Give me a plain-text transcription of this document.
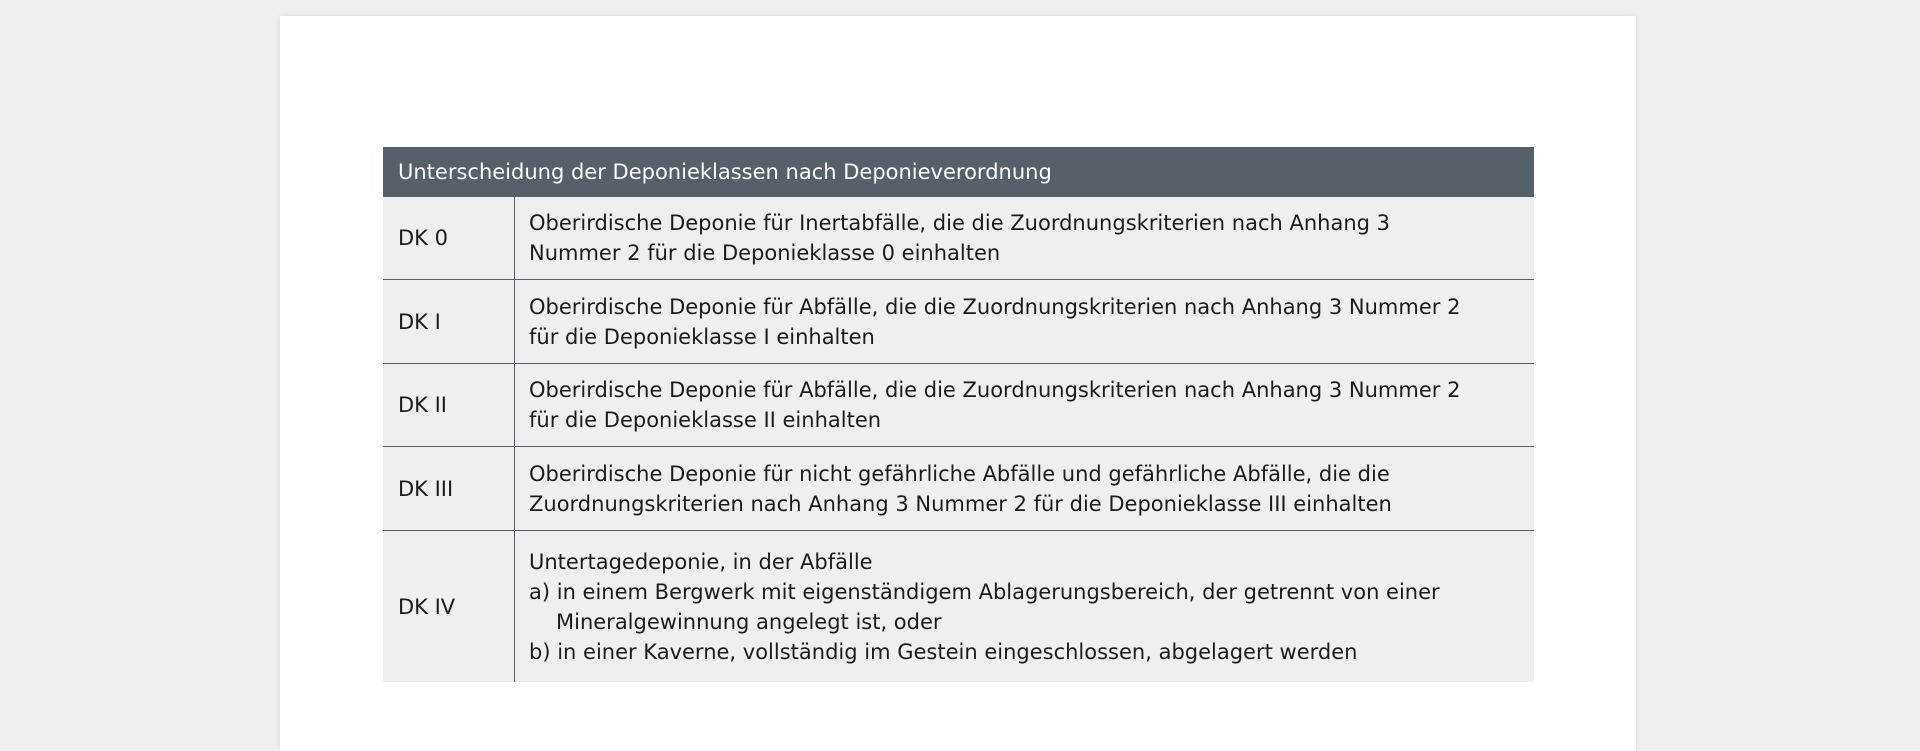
Unterscheidung der Deponieklassen nach Deponieverordnung
DK 0
Oberirdische Deponie für Inertabfälle, die die Zuordnungskriterien nach Anhang 3
Nummer 2 für die Deponieklasse 0 einhalten
DK I
Oberirdische Deponie für Abfälle, die die Zuordnungskriterien nach Anhang 3 Nummer 2
für die Deponieklasse I einhalten
DK II
Oberirdische Deponie für Abfälle, die die Zuordnungskriterien nach Anhang 3 Nummer 2
für die Deponieklasse II einhalten
DK III
Oberirdische Deponie für nicht gefährliche Abfälle und gefährliche Abfälle, die die
Zuordnungskriterien nach Anhang 3 Nummer 2 für die Deponieklasse III einhalten
DK IV
Untertagedeponie, in der Abfälle
a) in einem Bergwerk mit eigenständigem Ablagerungsbereich, der getrennt von einer
Mineralgewinnung angelegt ist, oder
b) in einer Kaverne, vollständig im Gestein eingeschlossen, abgelagert werden
